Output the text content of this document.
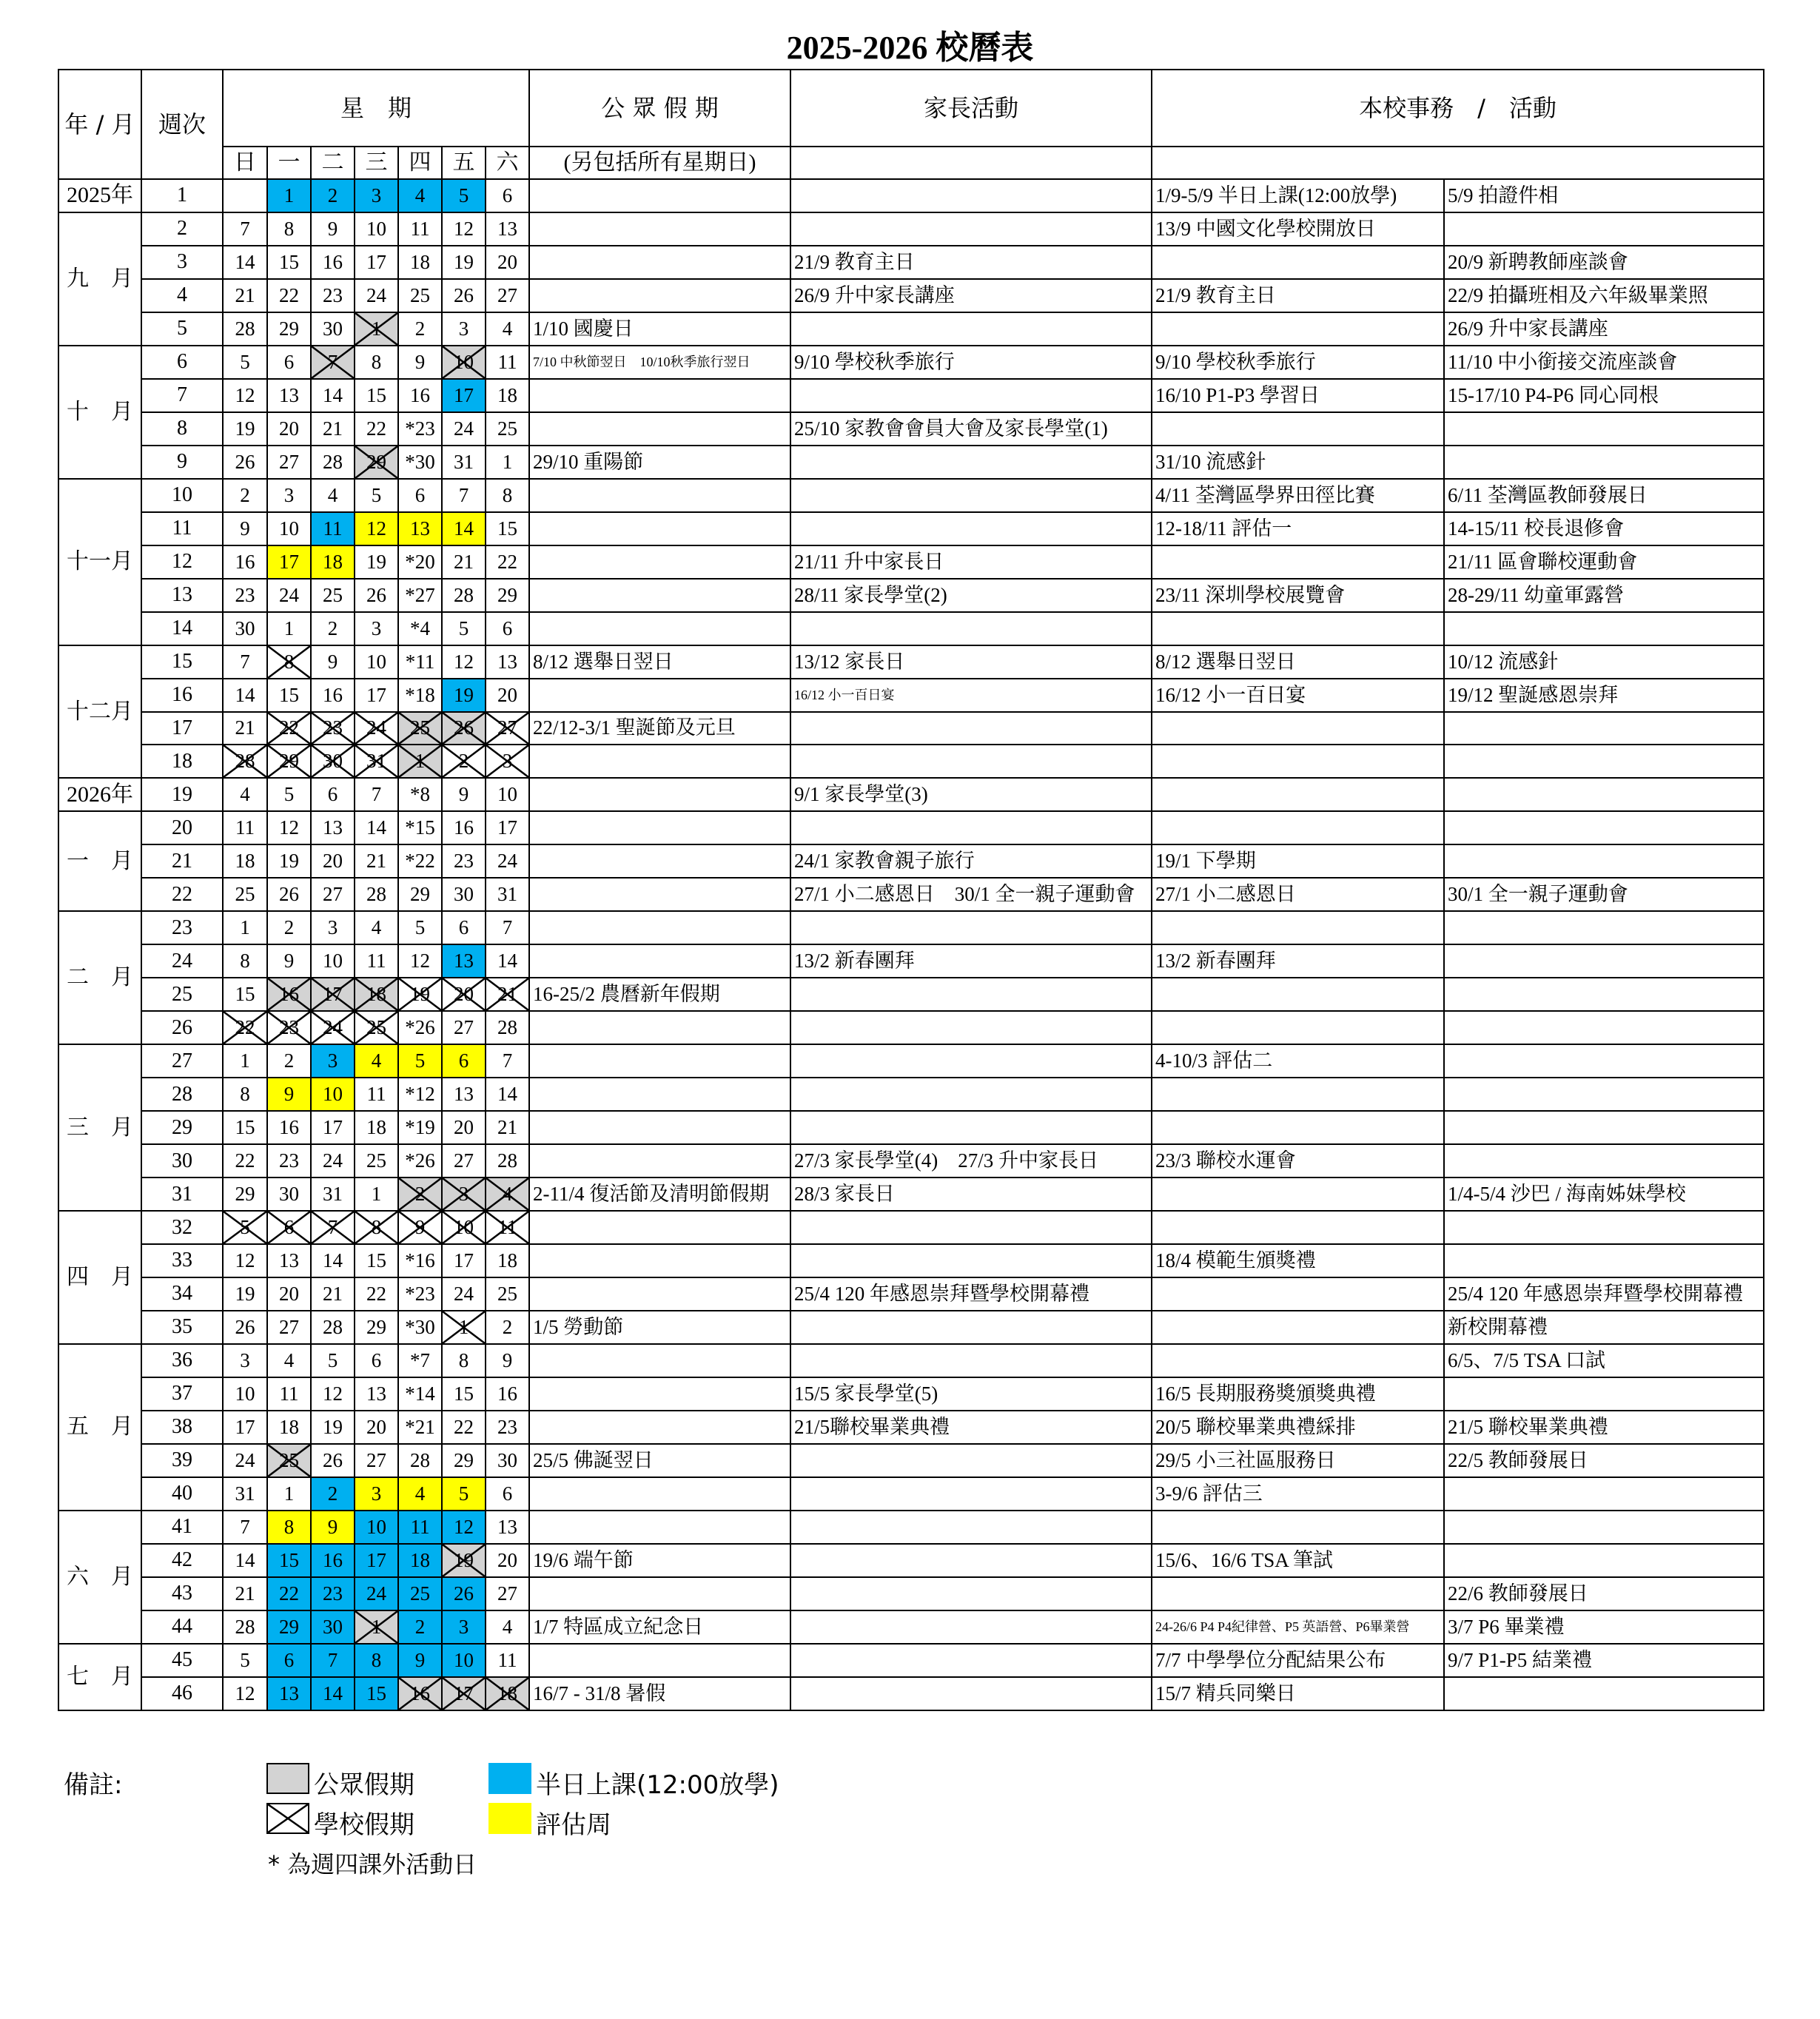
2025-2026 校曆表
年 / 月	週次	星　期							公 眾 假 期	家長活動	本校事務　/　活動	
		日	一	二	三	四	五	六	(另包括所有星期日)			
2025年	1		1	2	3	4	5	6			1/9-5/9 半日上課(12:00放學)	5/9 拍證件相
九　月	2	7	8	9	10	11	12	13			13/9 中國文化學校開放日	
	3	14	15	16	17	18	19	20		21/9 教育主日		20/9 新聘教師座談會
	4	21	22	23	24	25	26	27		26/9 升中家長講座	21/9 教育主日	22/9 拍攝班相及六年級畢業照
	5	28	29	30	1	2	3	4	1/10 國慶日			26/9 升中家長講座
十　月	6	5	6	7	8	9	10	11	7/10 中秋節翌日　10/10秋季旅行翌日	9/10 學校秋季旅行	9/10 學校秋季旅行	11/10 中小銜接交流座談會
	7	12	13	14	15	16	17	18			16/10 P1-P3 學習日	15-17/10 P4-P6 同心同根
	8	19	20	21	22	*23	24	25		25/10 家教會會員大會及家長學堂(1)		
	9	26	27	28	29	*30	31	1	29/10 重陽節		31/10 流感針	
十一月	10	2	3	4	5	6	7	8			4/11 荃灣區學界田徑比賽	6/11 荃灣區教師發展日
	11	9	10	11	12	13	14	15			12-18/11 評估一	14-15/11 校長退修會
	12	16	17	18	19	*20	21	22		21/11 升中家長日		21/11 區會聯校運動會
	13	23	24	25	26	*27	28	29		28/11 家長學堂(2)	23/11 深圳學校展覽會	28-29/11 幼童軍露營
	14	30	1	2	3	*4	5	6				
十二月	15	7	8	9	10	*11	12	13	8/12 選舉日翌日	13/12 家長日	8/12 選舉日翌日	10/12 流感針
	16	14	15	16	17	*18	19	20		16/12 小一百日宴	16/12 小一百日宴	19/12 聖誕感恩崇拜
	17	21	22	23	24	25	26	27	22/12-3/1 聖誕節及元旦			
	18	28	29	30	31	1	2	3				
2026年	19	4	5	6	7	*8	9	10		9/1 家長學堂(3)		
一　月	20	11	12	13	14	*15	16	17				
	21	18	19	20	21	*22	23	24		24/1 家教會親子旅行	19/1 下學期	
	22	25	26	27	28	29	30	31		27/1 小二感恩日　30/1 全一親子運動會	27/1 小二感恩日	30/1 全一親子運動會
二　月	23	1	2	3	4	5	6	7				
	24	8	9	10	11	12	13	14		13/2 新春團拜	13/2 新春團拜	
	25	15	16	17	18	19	20	21	16-25/2 農曆新年假期			
	26	22	23	24	25	*26	27	28				
三　月	27	1	2	3	4	5	6	7			4-10/3 評估二	
	28	8	9	10	11	*12	13	14				
	29	15	16	17	18	*19	20	21				
	30	22	23	24	25	*26	27	28		27/3 家長學堂(4)　27/3 升中家長日	23/3 聯校水運會	
	31	29	30	31	1	2	3	4	2-11/4 復活節及清明節假期	28/3 家長日		1/4-5/4 沙巴 / 海南姊妹學校
四　月	32	5	6	7	8	9	10	11				
	33	12	13	14	15	*16	17	18			18/4 模範生頒獎禮	
	34	19	20	21	22	*23	24	25		25/4 120 年感恩崇拜暨學校開幕禮		25/4 120 年感恩崇拜暨學校開幕禮
	35	26	27	28	29	*30	1	2	1/5 勞動節			新校開幕禮
五　月	36	3	4	5	6	*7	8	9				6/5、7/5 TSA 口試
	37	10	11	12	13	*14	15	16		15/5 家長學堂(5)	16/5 長期服務獎頒獎典禮	
	38	17	18	19	20	*21	22	23		21/5聯校畢業典禮	20/5 聯校畢業典禮綵排	21/5 聯校畢業典禮
	39	24	25	26	27	28	29	30	25/5 佛誕翌日		29/5 小三社區服務日	22/5 教師發展日
	40	31	1	2	3	4	5	6			3-9/6 評估三	
六　月	41	7	8	9	10	11	12	13				
	42	14	15	16	17	18	19	20	19/6 端午節		15/6、16/6 TSA 筆試	
	43	21	22	23	24	25	26	27				22/6 教師發展日
	44	28	29	30	1	2	3	4	1/7 特區成立紀念日		24-26/6 P4 P4紀律營、P5 英語營、P6畢業營	3/7 P6 畢業禮
七　月	45	5	6	7	8	9	10	11			7/7 中學學位分配結果公布	9/7 P1-P5 結業禮
	46	12	13	14	15	16	17	18	16/7 - 31/8 暑假		15/7 精兵同樂日	
備註:	公眾假期	半日上課(12:00放學)
學校假期	評估周
* 為週四課外活動日
